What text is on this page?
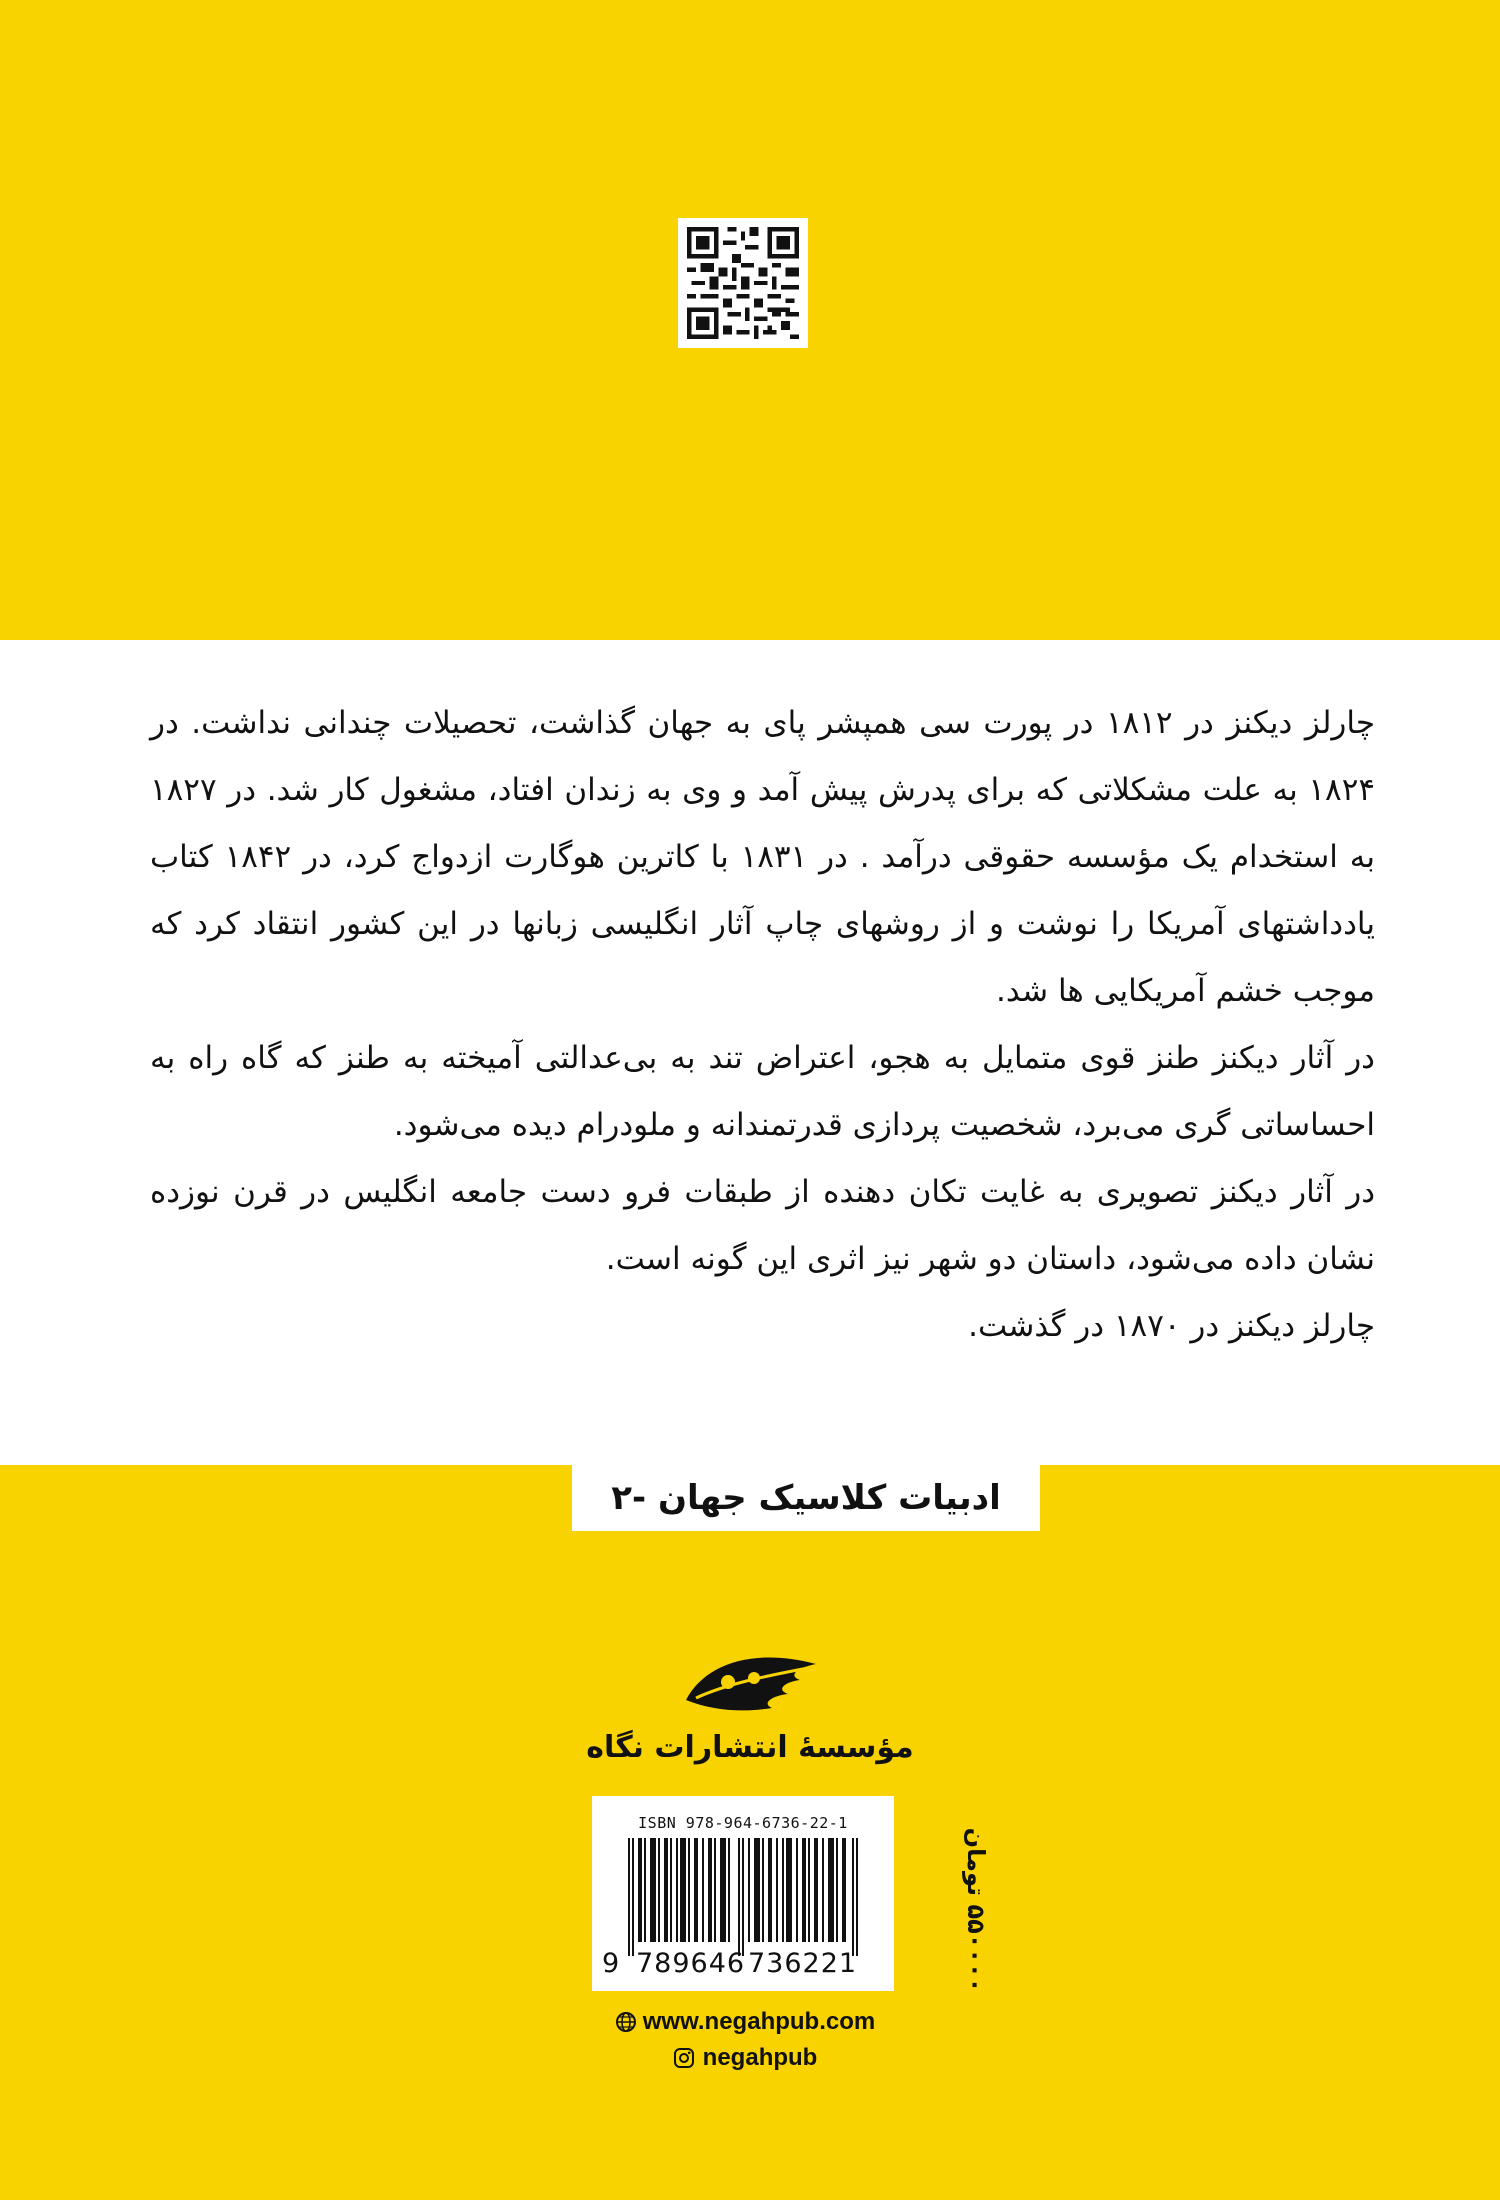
چارلز دیکنز در ۱۸۱۲ در پورت سی همپشر پای به جهان گذاشت، تحصیلات چندانی نداشت. در ۱۸۲۴ به علت مشکلاتی که برای پدرش پیش آمد و وی به زندان افتاد، مشغول کار شد. در ۱۸۲۷ به استخدام یک مؤسسه حقوقی درآمد . در ۱۸۳۱ با کاترین هوگارت ازدواج کرد، در ۱۸۴۲ کتاب یادداشتهای آمریکا را نوشت و از روشهای چاپ آثار انگلیسی زبانها در این کشور انتقاد کرد که موجب خشم آمریکایی ها شد.

در آثار دیکنز طنز قوی متمایل به هجو، اعتراض تند به بی‌عدالتی آمیخته به طنز که گاه راه به احساساتی گری می‌برد، شخصیت پردازی قدرتمندانه و ملودرام دیده می‌شود.

در آثار دیکنز تصویری به غایت تکان دهنده از طبقات فرو دست جامعه انگلیس در قرن نوزده نشان داده می‌شود، داستان دو شهر نیز اثری این گونه است.

چارلز دیکنز در ۱۸۷۰ در گذشت.

ادبیات کلاسیک جهان -۲
مؤسسهٔ انتشارات نگاه
ISBN 978-964-6736-22-1
9 789646 736221
۵۵۰۰۰۰ تومان
www.negahpub.com
negahpub
